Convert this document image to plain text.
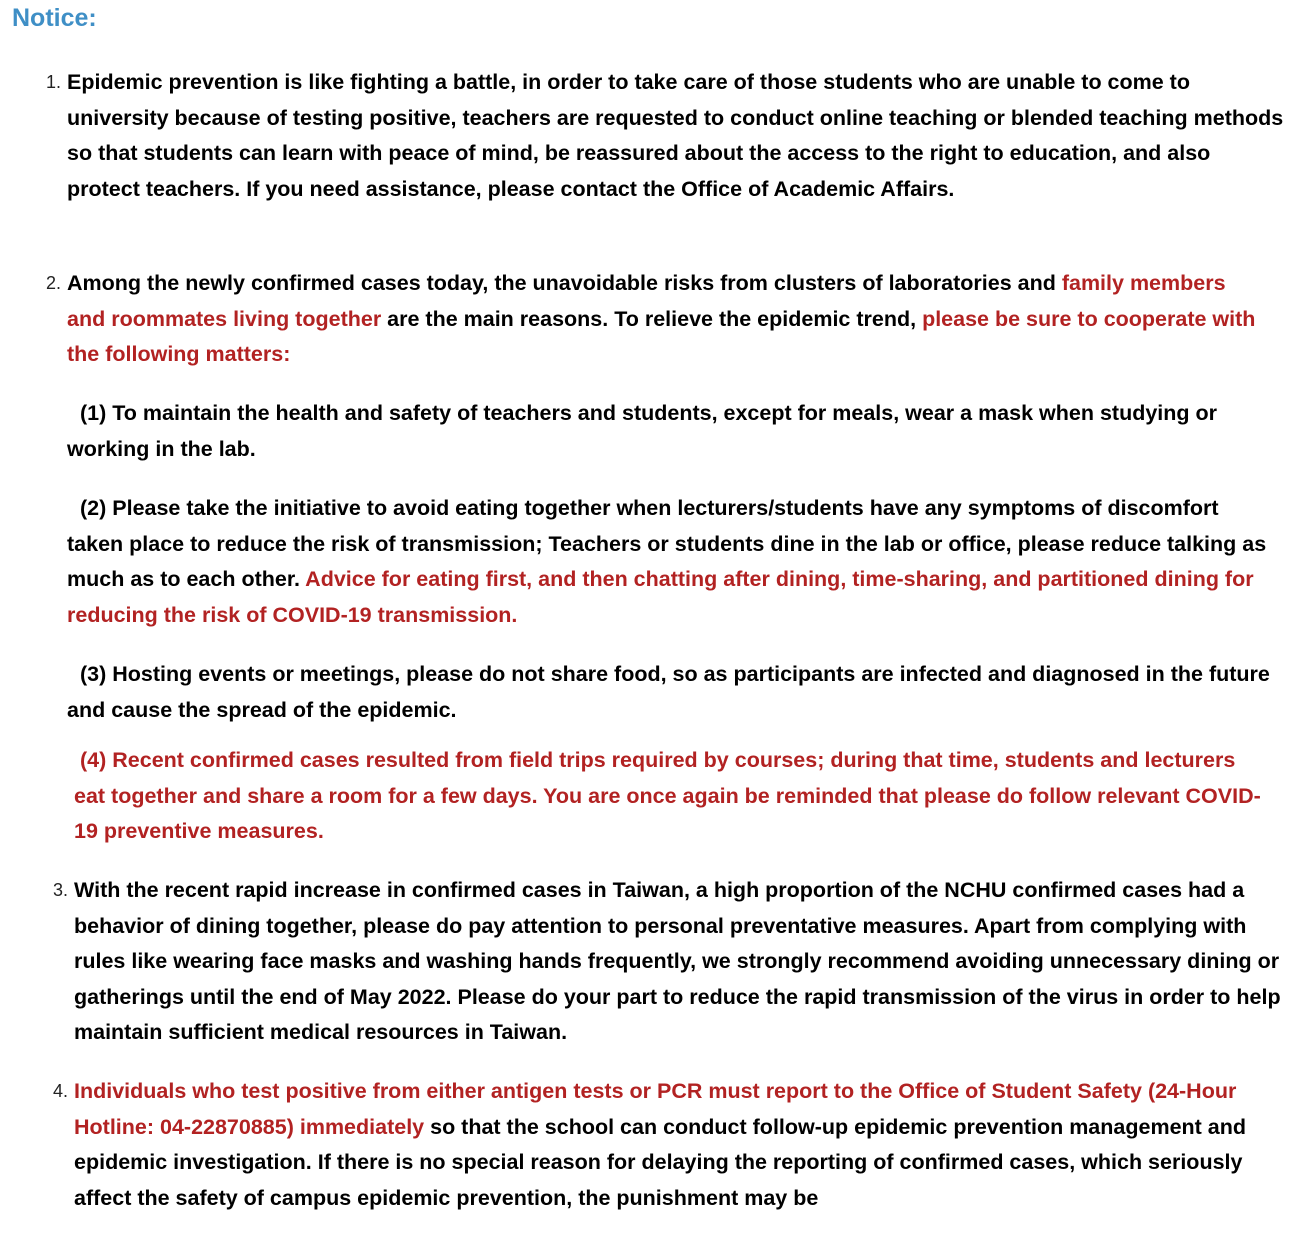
Notice:
1. Epidemic prevention is like fighting a battle, in order to take care of those students who are unable to come to university because of testing positive, teachers are requested to conduct online teaching or blended teaching methods so that students can learn with peace of mind, be reassured about the access to the right to education, and also protect teachers. If you need assistance, please contact the Office of Academic Affairs.
2. Among the newly confirmed cases today, the unavoidable risks from clusters of laboratories and family members and roommates living together are the main reasons. To relieve the epidemic trend, please be sure to cooperate with the following matters:
(1) To maintain the health and safety of teachers and students, except for meals, wear a mask when studying or working in the lab.
(2) Please take the initiative to avoid eating together when lecturers/students have any symptoms of discomfort taken place to reduce the risk of transmission; Teachers or students dine in the lab or office, please reduce talking as much as to each other. Advice for eating first, and then chatting after dining, time-sharing, and partitioned dining for reducing the risk of COVID-19 transmission.
(3) Hosting events or meetings, please do not share food, so as participants are infected and diagnosed in the future and cause the spread of the epidemic.
(4) Recent confirmed cases resulted from field trips required by courses; during that time, students and lecturers eat together and share a room for a few days. You are once again be reminded that please do follow relevant COVID-19 preventive measures.
3. With the recent rapid increase in confirmed cases in Taiwan, a high proportion of the NCHU confirmed cases had a behavior of dining together, please do pay attention to personal preventative measures. Apart from complying with rules like wearing face masks and washing hands frequently, we strongly recommend avoiding unnecessary dining or gatherings until the end of May 2022. Please do your part to reduce the rapid transmission of the virus in order to help maintain sufficient medical resources in Taiwan.
4. Individuals who test positive from either antigen tests or PCR must report to the Office of Student Safety (24-Hour Hotline: 04-22870885) immediately so that the school can conduct follow-up epidemic prevention management and epidemic investigation. If there is no special reason for delaying the reporting of confirmed cases, which seriously affect the safety of campus epidemic prevention, the punishment may be
